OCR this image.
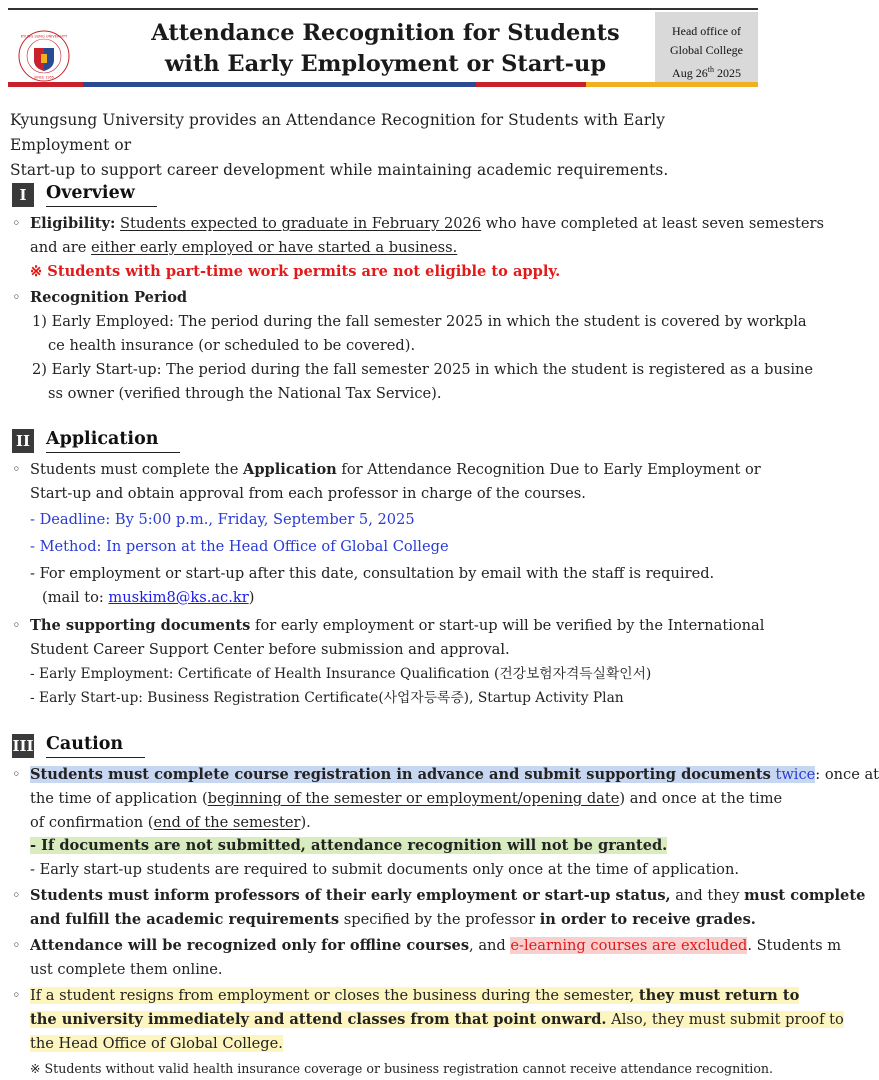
KYUNG SUNG UNIVERSITY
SINCE 1955
Attendance Recognition for Students
with Early Employment or Start-up
Head office of
Global College
Aug 26th 2025
Kyungsung University provides an Attendance Recognition for Students with Early Employment or
Start-up to support career development while maintaining academic requirements.
I	Overview
◦ Eligibility: Students expected to graduate in February 2026 who have completed at least seven semesters
and are either early employed or have started a business.
※ Students with part-time work permits are not eligible to apply.
◦ Recognition Period
1) Early Employed: The period during the fall semester 2025 in which the student is covered by workpla
ce health insurance (or scheduled to be covered).
2) Early Start-up: The period during the fall semester 2025 in which the student is registered as a busine
ss owner (verified through the National Tax Service).
II Application
◦ Students must complete the Application for Attendance Recognition Due to Early Employment or
Start-up and obtain approval from each professor in charge of the courses.
- Deadline: By 5:00 p.m., Friday, September 5, 2025
- Method: In person at the Head Office of Global College
- For employment or start-up after this date, consultation by email with the staff is required.
(mail to: muskim8@ks.ac.kr)
◦ The supporting documents for early employment or start-up will be verified by the International
Student Career Support Center before submission and approval.
- Early Employment: Certificate of Health Insurance Qualification (건강보험자격득실확인서)
- Early Start-up: Business Registration Certificate(사업자등록증), Startup Activity Plan
III Caution
◦ Students must complete course registration in advance and submit supporting documents twice: once at
the time of application (beginning of the semester or employment/opening date) and once at the time
of confirmation (end of the semester).
- If documents are not submitted, attendance recognition will not be granted.
- Early start-up students are required to submit documents only once at the time of application.
◦ Students must inform professors of their early employment or start-up status, and they must complete
and fulfill the academic requirements specified by the professor in order to receive grades.
◦ Attendance will be recognized only for offline courses, and e-learning courses are excluded. Students m
ust complete them online.
◦ If a student resigns from employment or closes the business during the semester, they must return to
the university immediately and attend classes from that point onward. Also, they must submit proof to
the Head Office of Global College.
※ Students without valid health insurance coverage or business registration cannot receive attendance recognition.
